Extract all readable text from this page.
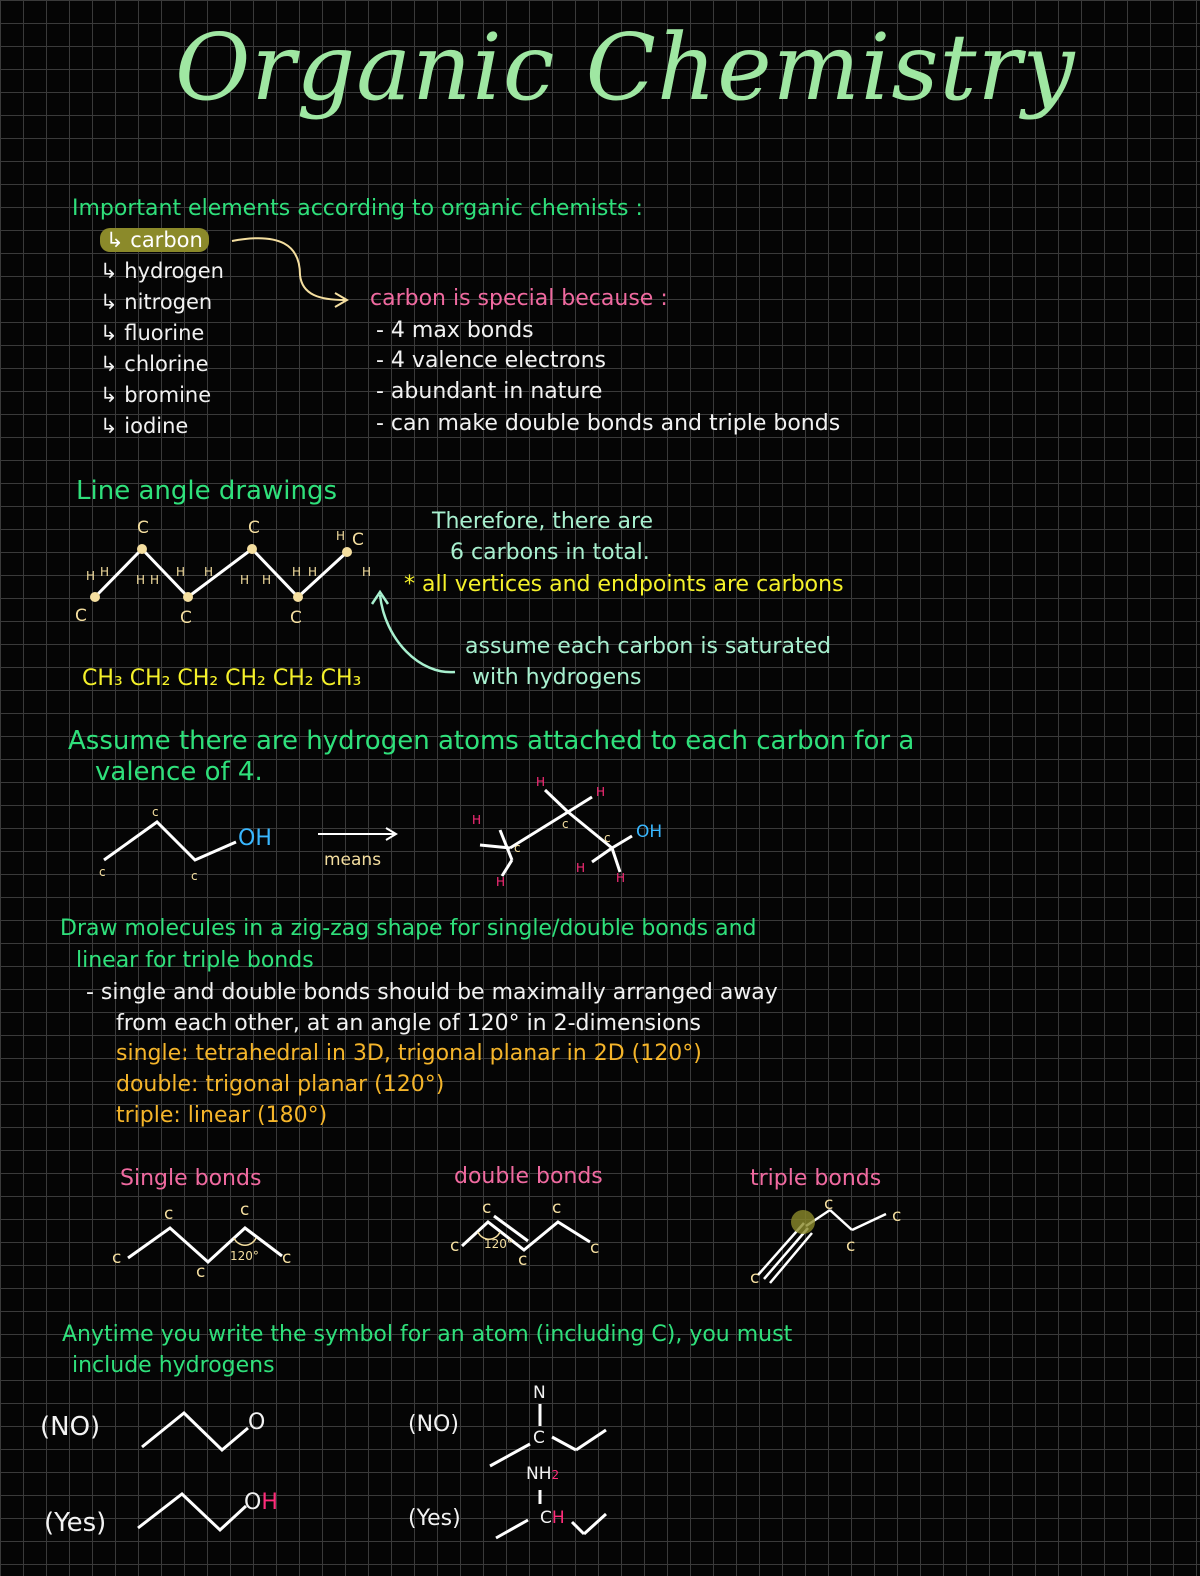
Organic Chemistry
Important elements according to organic chemists :
↳ carbon
↳ hydrogen
↳ nitrogen
↳ fluorine
↳ chlorine
↳ bromine
↳ iodine
carbon is special because :
- 4 max bonds
- 4 valence electrons
- abundant in nature
- can make double bonds and triple bonds
Line angle drawings
C	C
C
C	C	C
H H
H H
H H
H H
H H
H
H
CH₃ CH₂ CH₂ CH₂ CH₂ CH₃
Therefore, there are
6 carbons in total.
* all vertices and endpoints are carbons
assume each carbon is saturated
with hydrogens
Assume there are hydrogen atoms attached to each carbon for a
valence of 4.
c
c	c
OH
means
H
H
H
H
H
H
c
c
c OH
Draw molecules in a zig-zag shape for single/double bonds and
linear for triple bonds
- single and double bonds should be maximally arranged away
from each other, at an angle of 120° in 2-dimensions
single: tetrahedral in 3D, trigonal planar in 2D (120°)
double: trigonal planar (120°)
triple: linear (180°)
Single bonds	double bonds	triple bonds
c	c
c
c
c
120°
c	c
c
c
c
120°
c
c
c
c
Anytime you write the symbol for an atom (including C), you must
include hydrogens
(NO)	O	(NO)
N
C
(Yes)
OH
(Yes)
NH2
CH
